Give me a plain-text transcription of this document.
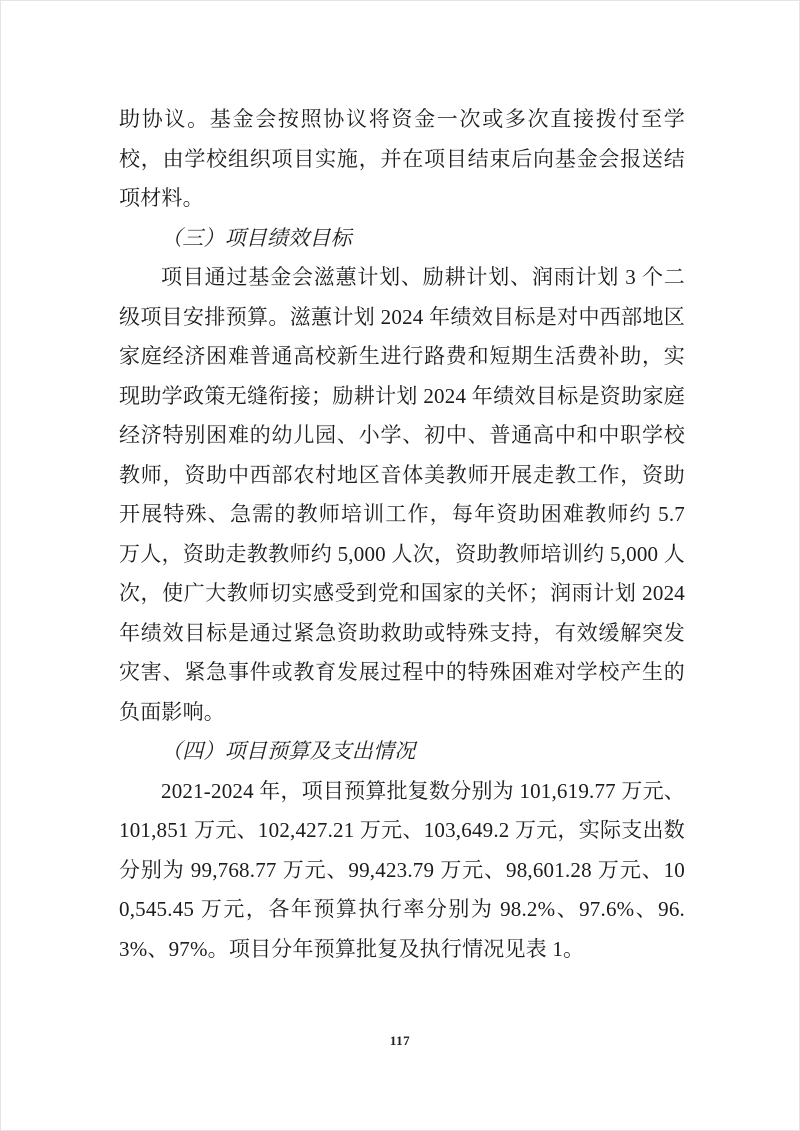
助协议。基金会按照协议将资金一次或多次直接拨付至学校，由学校组织项目实施，并在项目结束后向基金会报送结项材料。

（三）项目绩效目标

项目通过基金会滋蕙计划、励耕计划、润雨计划 3 个二级项目安排预算。滋蕙计划 2024 年绩效目标是对中西部地区家庭经济困难普通高校新生进行路费和短期生活费补助，实现助学政策无缝衔接；励耕计划 2024 年绩效目标是资助家庭经济特别困难的幼儿园、小学、初中、普通高中和中职学校教师，资助中西部农村地区音体美教师开展走教工作，资助开展特殊、急需的教师培训工作，每年资助困难教师约 5.7 万人，资助走教教师约 5,000 人次，资助教师培训约 5,000 人次，使广大教师切实感受到党和国家的关怀；润雨计划 2024 年绩效目标是通过紧急资助救助或特殊支持，有效缓解突发灾害、紧急事件或教育发展过程中的特殊困难对学校产生的负面影响。

（四）项目预算及支出情况

2021-2024 年，项目预算批复数分别为 101,619.77 万元、101,851 万元、102,427.21 万元、103,649.2 万元，实际支出数分别为 99,768.77 万元、99,423.79 万元、98,601.28 万元、100,545.45 万元，各年预算执行率分别为 98.2%、97.6%、96.3%、97%。项目分年预算批复及执行情况见表 1。

117
